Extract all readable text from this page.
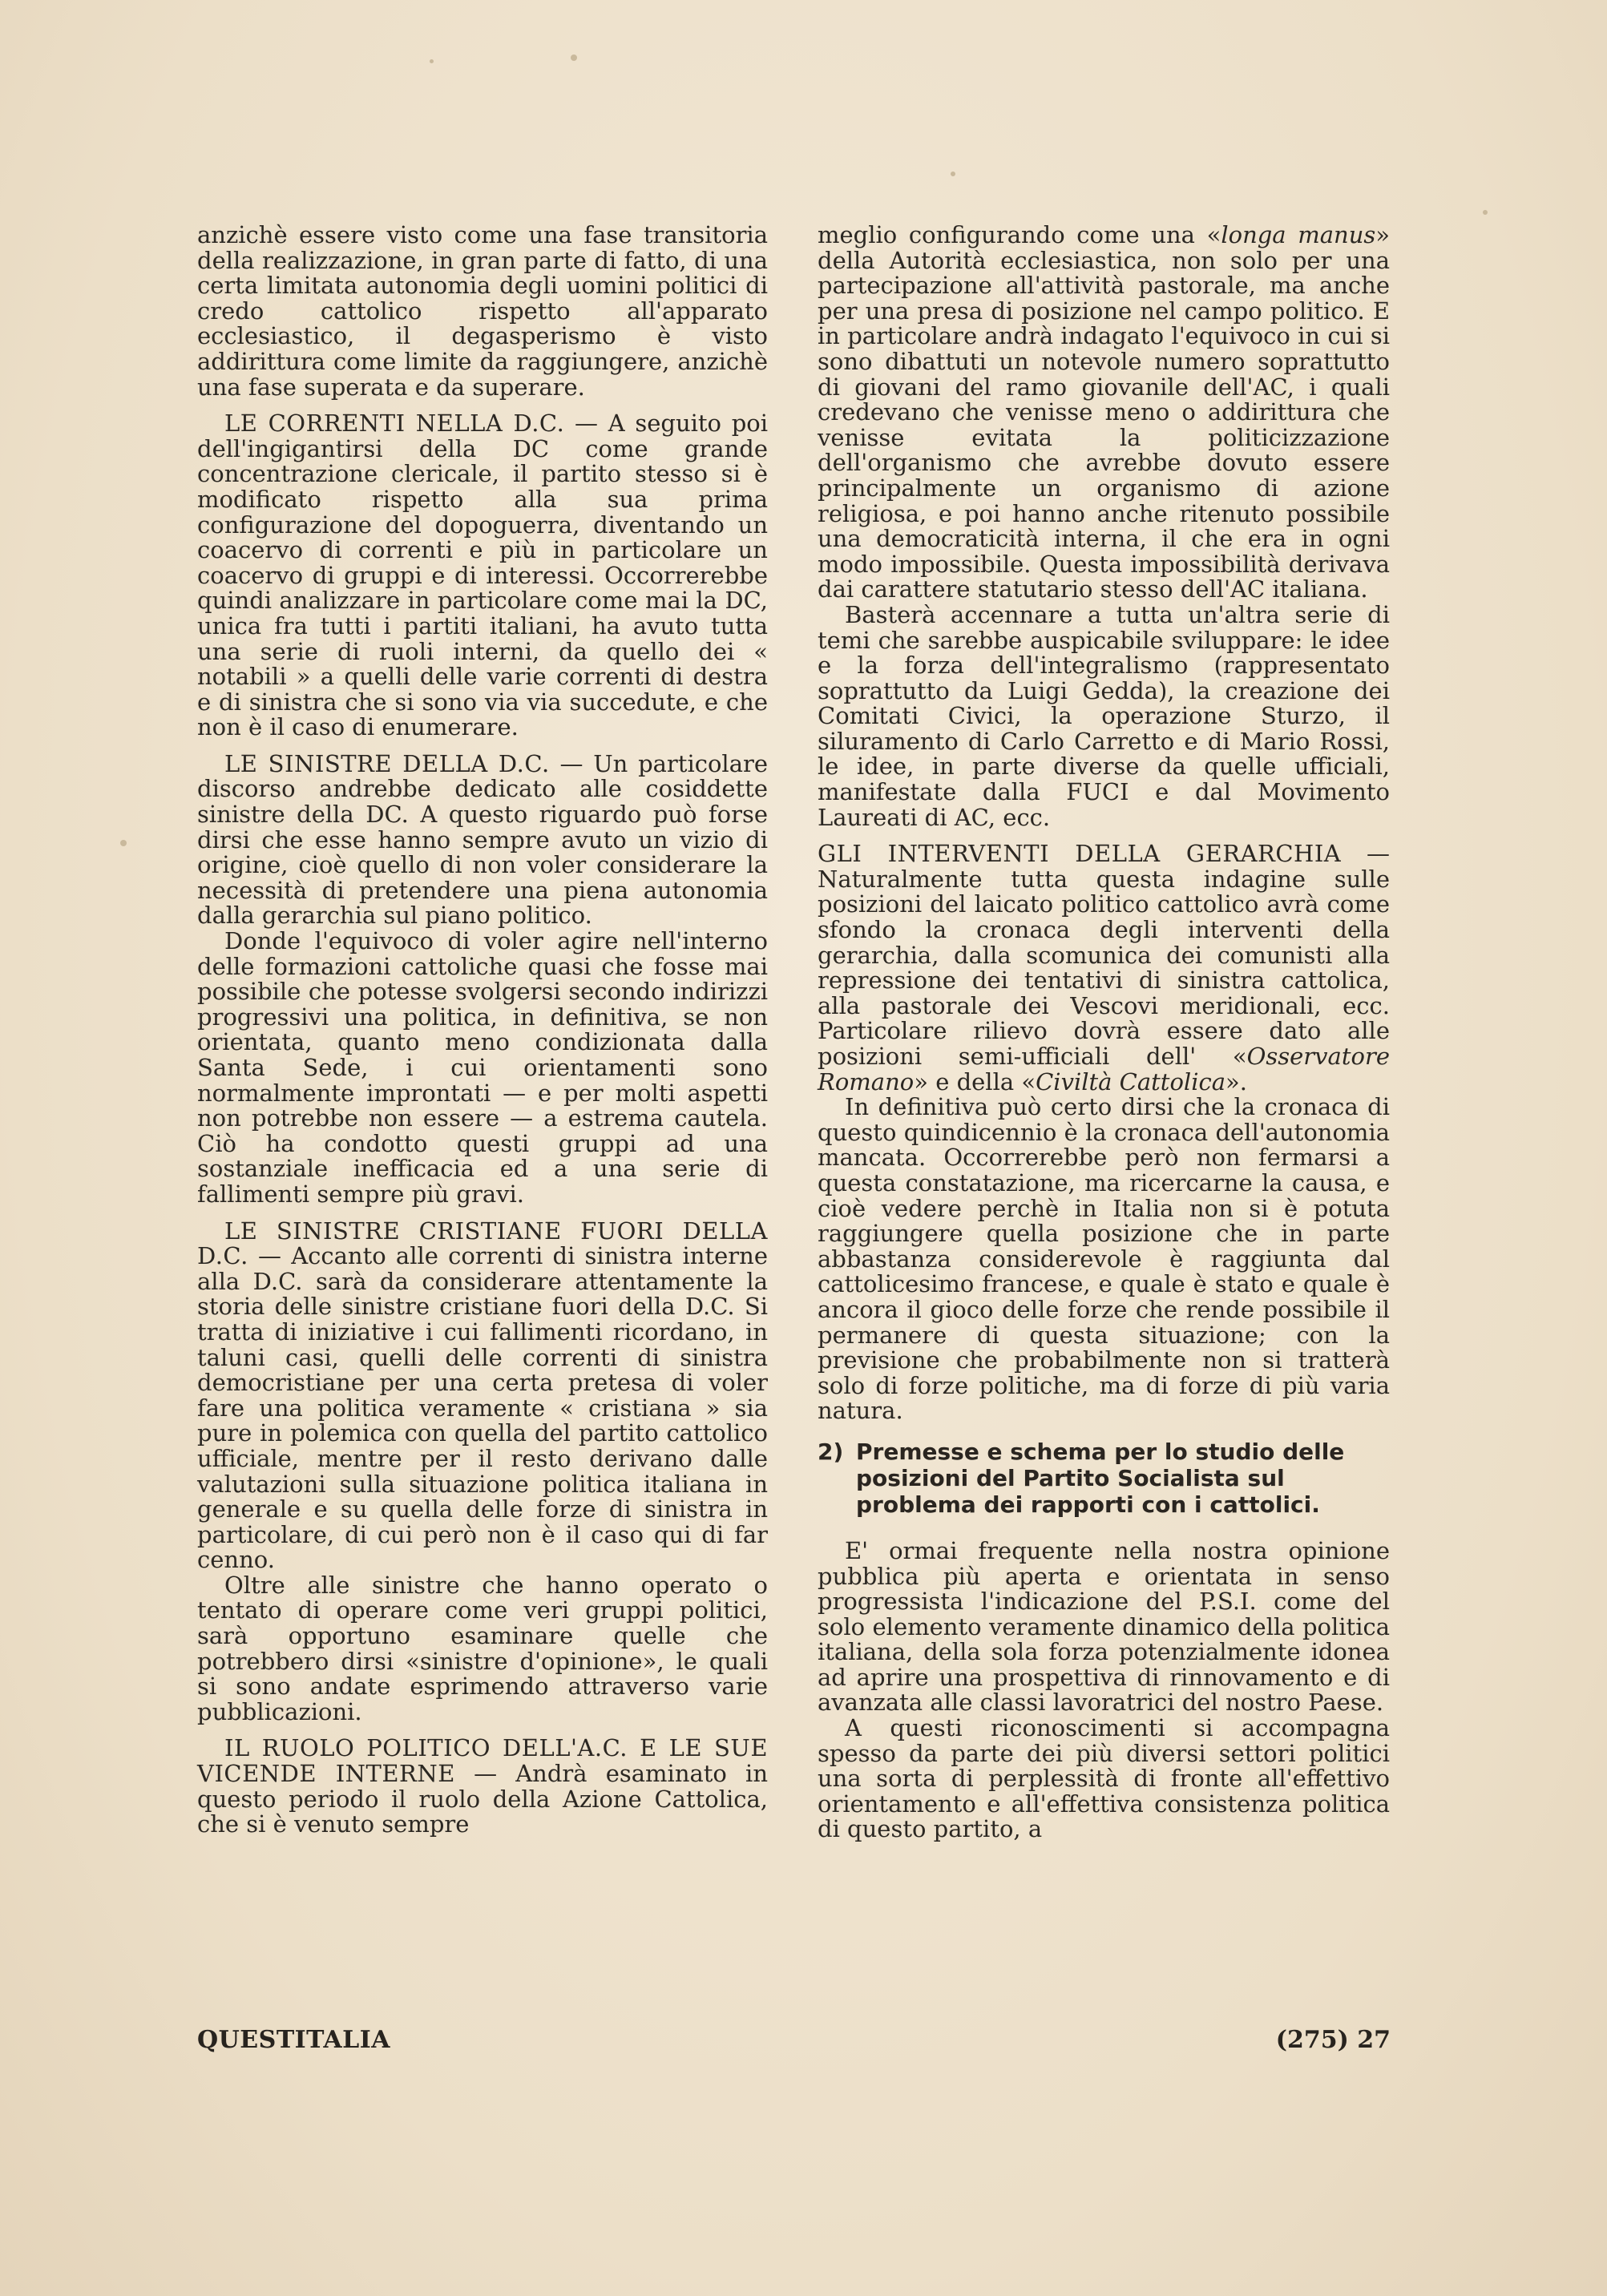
anzichè essere visto come una fase transitoria della realizzazione, in gran parte di fatto, di una certa limitata autonomia degli uomini politici di credo cattolico rispetto all'apparato ecclesiastico, il degasperismo è visto addirittura come limite da raggiungere, anzichè una fase superata e da superare.

LE CORRENTI NELLA D.C. — A seguito poi dell'ingigantirsi della DC come grande concentrazione clericale, il partito stesso si è modificato rispetto alla sua prima configurazione del dopoguerra, diventando un coacervo di correnti e più in particolare un coacervo di gruppi e di interessi. Occorrerebbe quindi analizzare in particolare come mai la DC, unica fra tutti i partiti italiani, ha avuto tutta una serie di ruoli interni, da quello dei « notabili » a quelli delle varie correnti di destra e di sinistra che si sono via via succedute, e che non è il caso di enumerare.

LE SINISTRE DELLA D.C. — Un particolare discorso andrebbe dedicato alle cosiddette sinistre della DC. A questo riguardo può forse dirsi che esse hanno sempre avuto un vizio di origine, cioè quello di non voler considerare la necessità di pretendere una piena autonomia dalla gerarchia sul piano politico.

Donde l'equivoco di voler agire nell'interno delle formazioni cattoliche quasi che fosse mai possibile che potesse svolgersi secondo indirizzi progressivi una politica, in definitiva, se non orientata, quanto meno condizionata dalla Santa Sede, i cui orientamenti sono normalmente improntati — e per molti aspetti non potrebbe non essere — a estrema cautela. Ciò ha condotto questi gruppi ad una sostanziale inefficacia ed a una serie di fallimenti sempre più gravi.

LE SINISTRE CRISTIANE FUORI DELLA D.C. — Accanto alle correnti di sinistra interne alla D.C. sarà da considerare attentamente la storia delle sinistre cristiane fuori della D.C. Si tratta di iniziative i cui fallimenti ricordano, in taluni casi, quelli delle correnti di sinistra democristiane per una certa pretesa di voler fare una politica veramente « cristiana » sia pure in polemica con quella del partito cattolico ufficiale, mentre per il resto derivano dalle valutazioni sulla situazione politica italiana in generale e su quella delle forze di sinistra in particolare, di cui però non è il caso qui di far cenno.

Oltre alle sinistre che hanno operato o tentato di operare come veri gruppi politici, sarà opportuno esaminare quelle che potrebbero dirsi «sinistre d'opinione», le quali si sono andate esprimendo attraverso varie pubblicazioni.

IL RUOLO POLITICO DELL'A.C. E LE SUE VICENDE INTERNE — Andrà esaminato in questo periodo il ruolo della Azione Cattolica, che si è venuto sempre

meglio configurando come una «longa manus» della Autorità ecclesiastica, non solo per una partecipazione all'attività pastorale, ma anche per una presa di posizione nel campo politico. E in particolare andrà indagato l'equivoco in cui si sono dibattuti un notevole numero soprattutto di giovani del ramo giovanile dell'AC, i quali credevano che venisse meno o addirittura che venisse evitata la politicizzazione dell'organismo che avrebbe dovuto essere principalmente un organismo di azione religiosa, e poi hanno anche ritenuto possibile una democraticità interna, il che era in ogni modo impossibile. Questa impossibilità derivava dai carattere statutario stesso dell'AC italiana.

Basterà accennare a tutta un'altra serie di temi che sarebbe auspicabile sviluppare: le idee e la forza dell'integralismo (rappresentato soprattutto da Luigi Gedda), la creazione dei Comitati Civici, la operazione Sturzo, il siluramento di Carlo Carretto e di Mario Rossi, le idee, in parte diverse da quelle ufficiali, manifestate dalla FUCI e dal Movimento Laureati di AC, ecc.

GLI INTERVENTI DELLA GERARCHIA — Naturalmente tutta questa indagine sulle posizioni del laicato politico cattolico avrà come sfondo la cronaca degli interventi della gerarchia, dalla scomunica dei comunisti alla repressione dei tentativi di sinistra cattolica, alla pastorale dei Vescovi meridionali, ecc. Particolare rilievo dovrà essere dato alle posizioni semi-ufficiali dell' «Osservatore Romano» e della «Civiltà Cattolica».

In definitiva può certo dirsi che la cronaca di questo quindicennio è la cronaca dell'autonomia mancata. Occorrerebbe però non fermarsi a questa constatazione, ma ricercarne la causa, e cioè vedere perchè in Italia non si è potuta raggiungere quella posizione che in parte abbastanza considerevole è raggiunta dal cattolicesimo francese, e quale è stato e quale è ancora il gioco delle forze che rende possibile il permanere di questa situazione; con la previsione che probabilmente non si tratterà solo di forze politiche, ma di forze di più varia natura.

2) Premesse e schema per lo studio delle posizioni del Partito Socialista sul problema dei rapporti con i cattolici.

E' ormai frequente nella nostra opinione pubblica più aperta e orientata in senso progressista l'indicazione del P.S.I. come del solo elemento veramente dinamico della politica italiana, della sola forza potenzialmente idonea ad aprire una prospettiva di rinnovamento e di avanzata alle classi lavoratrici del nostro Paese.

A questi riconoscimenti si accompagna spesso da parte dei più diversi settori politici una sorta di perplessità di fronte all'effettivo orientamento e all'effettiva consistenza politica di questo partito, a

QUESTITALIA	(275) 27
